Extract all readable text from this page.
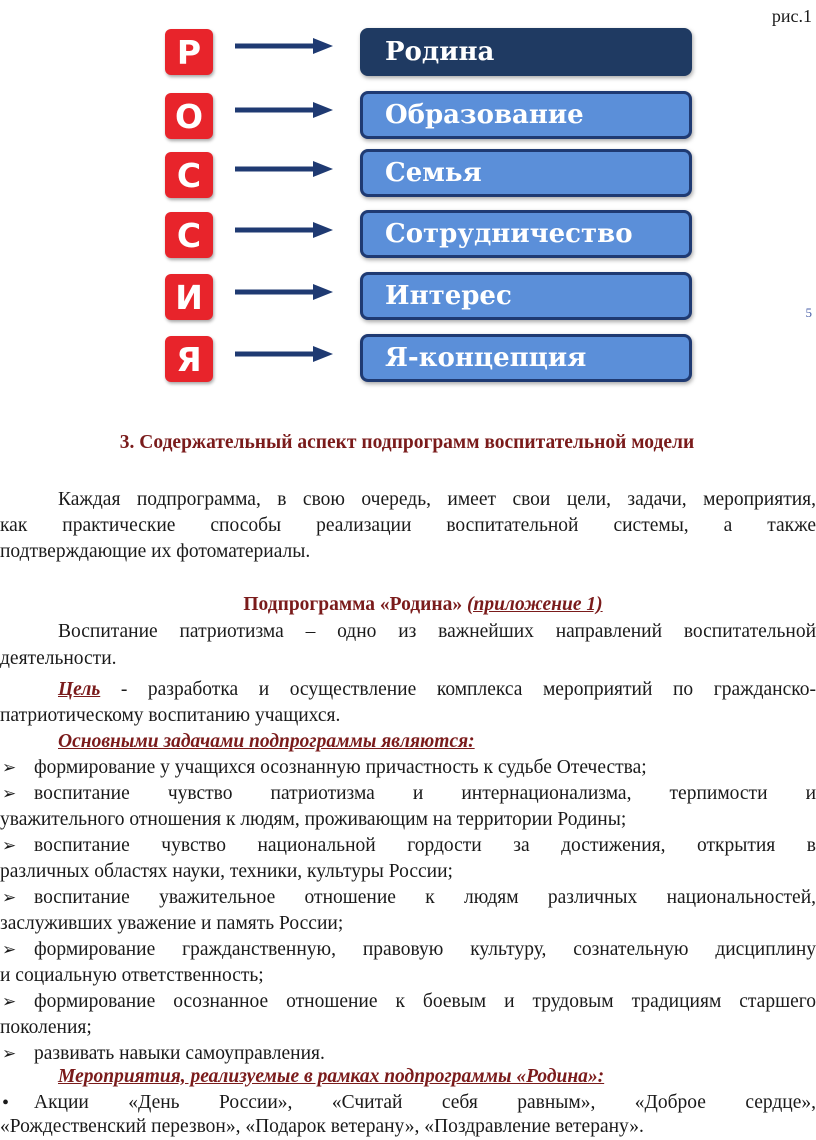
рис.1
5
Р	Родина
О	Образование
С	Семья
С	Сотрудничество
И	Интерес
Я	Я-концепция
3. Содержательный аспект подпрограмм воспитательной модели
Каждая подпрограмма, в свою очередь, имеет свои цели, задачи, мероприятия,
как практические способы реализации воспитательной системы, а также
подтверждающие их фотоматериалы.
Подпрограмма «Родина» (приложение 1)
Воспитание патриотизма – одно из важнейших направлений воспитательной
деятельности.
Цель - разработка и осуществление комплекса мероприятий по гражданско-
патриотическому воспитанию учащихся.
Основными задачами подпрограммы являются:
➢ формирование у учащихся осознанную причастность к судьбе Отечества;
➢ воспитание чувство патриотизма и интернационализма, терпимости и
уважительного отношения к людям, проживающим на территории Родины;
➢ воспитание чувство национальной гордости за достижения, открытия в
различных областях науки, техники, культуры России;
➢ воспитание уважительное отношение к людям различных национальностей,
заслуживших уважение и память России;
➢ формирование гражданственную, правовую культуру, сознательную дисциплину
и социальную ответственность;
➢ формирование осознанное отношение к боевым и трудовым традициям старшего
поколения;
➢ развивать навыки самоуправления.
Мероприятия, реализуемые в рамках подпрограммы «Родина»:
•	Акции «День России», «Считай себя равным», «Доброе сердце»,
«Рождественский перезвон», «Подарок ветерану», «Поздравление ветерану».
